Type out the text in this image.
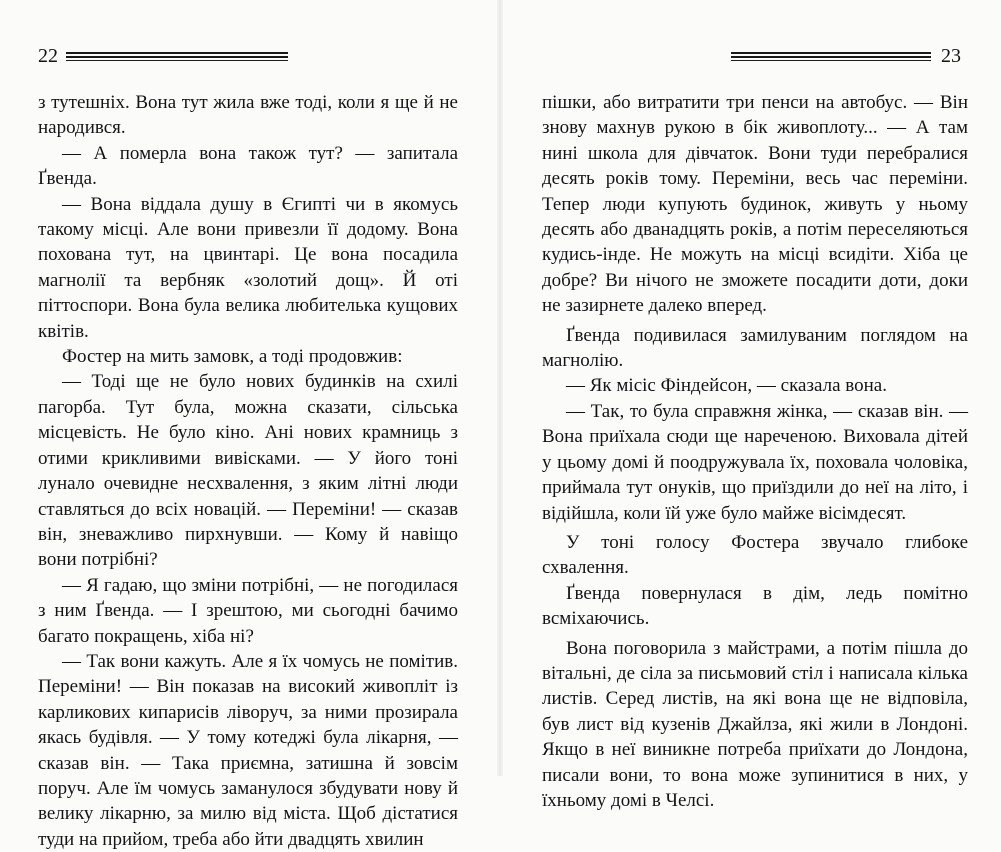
22

з тутешніх. Вона тут жила вже тоді, коли я ще й не народився.

— А померла вона також тут? — запитала Ґвенда.

— Вона віддала душу в Єгипті чи в якомусь такому місці. Але вони привезли її додому. Вона похована тут, на цвинтарі. Це вона посадила магнолії та вербняк «золотий дощ». Й оті піттоспори. Вона була велика любителька кущових квітів.

Фостер на мить замовк, а тоді продовжив:

— Тоді ще не було нових будинків на схилі пагорба. Тут була, можна сказати, сільська місцевість. Не було кіно. Ані нових крамниць з отими крикливими вивісками. — У його тоні лунало очевидне несхвалення, з яким літні люди ставляться до всіх новацій. — Переміни! — сказав він, зневажливо пирхнувши. — Кому й навіщо вони потрібні?

— Я гадаю, що зміни потрібні, — не погодилася з ним Ґвенда. — І зрештою, ми сьогодні бачимо багато покращень, хіба ні?

— Так вони кажуть. Але я їх чомусь не помітив. Переміни! — Він показав на високий живопліт із карликових кипарисів ліворуч, за ними прозирала якась будівля. — У тому котеджі була лікарня, — сказав він. — Така приємна, затишна й зовсім поруч. Але їм чомусь заманулося збудувати нову й велику лікарню, за милю від міста. Щоб дістатися туди на прийом, треба або йти двадцять хвилин

23

пішки, або витратити три пенси на автобус. — Він знову махнув рукою в бік живоплоту... — А там нині школа для дівчаток. Вони туди перебралися десять років тому. Переміни, весь час переміни. Тепер люди купують будинок, живуть у ньому десять або дванадцять років, а потім переселяються кудись-інде. Не можуть на місці всидіти. Хіба це добре? Ви нічого не зможете посадити доти, доки не зазирнете далеко вперед.

Ґвенда подивилася замилуваним поглядом на магнолію.

— Як місіс Фіндейсон, — сказала вона.

— Так, то була справжня жінка, — сказав він. — Вона приїхала сюди ще нареченою. Виховала дітей у цьому домі й поодружувала їх, поховала чоловіка, приймала тут онуків, що приїздили до неї на літо, і відійшла, коли їй уже було майже вісімдесят.

У тоні голосу Фостера звучало глибоке схвалення.

Ґвенда повернулася в дім, ледь помітно всміхаючись.

Вона поговорила з майстрами, а потім пішла до вітальні, де сіла за письмовий стіл і написала кілька листів. Серед листів, на які вона ще не відповіла, був лист від кузенів Джайлза, які жили в Лондоні. Якщо в неї виникне потреба приїхати до Лондона, писали вони, то вона може зупинитися в них, у їхньому домі в Челсі.
